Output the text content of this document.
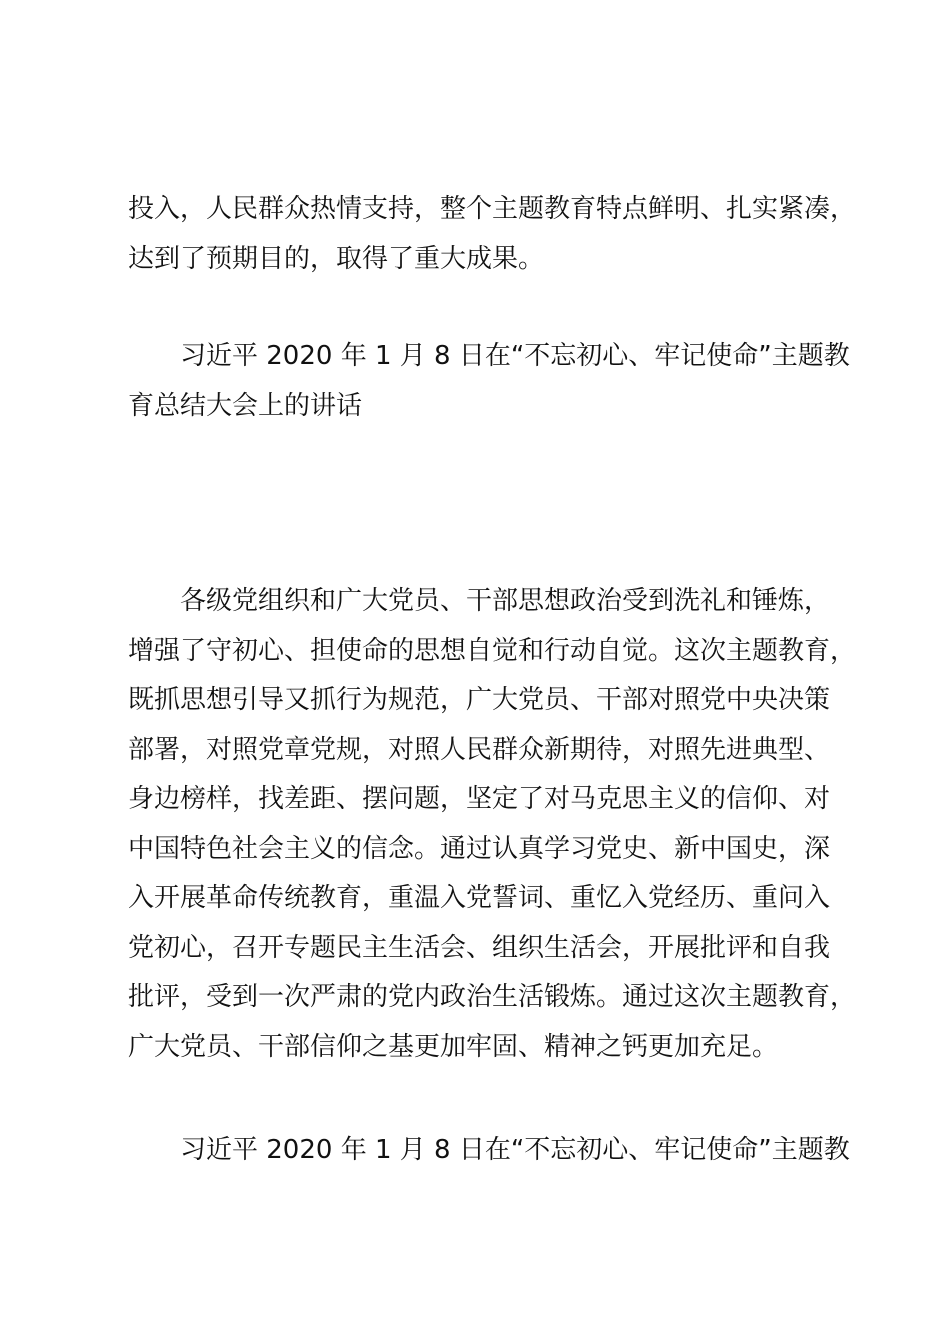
投入，人民群众热情支持，整个主题教育特点鲜明、扎实紧凑，
达到了预期目的，取得了重大成果。

习近平 2020 年 1 月 8 日在“不忘初心、牢记使命”主题教
育总结大会上的讲话

各级党组织和广大党员、干部思想政治受到洗礼和锤炼，
增强了守初心、担使命的思想自觉和行动自觉。这次主题教育，
既抓思想引导又抓行为规范，广大党员、干部对照党中央决策
部署，对照党章党规，对照人民群众新期待，对照先进典型、
身边榜样，找差距、摆问题，坚定了对马克思主义的信仰、对
中国特色社会主义的信念。通过认真学习党史、新中国史，深
入开展革命传统教育，重温入党誓词、重忆入党经历、重问入
党初心，召开专题民主生活会、组织生活会，开展批评和自我
批评，受到一次严肃的党内政治生活锻炼。通过这次主题教育，
广大党员、干部信仰之基更加牢固、精神之钙更加充足。

习近平 2020 年 1 月 8 日在“不忘初心、牢记使命”主题教
